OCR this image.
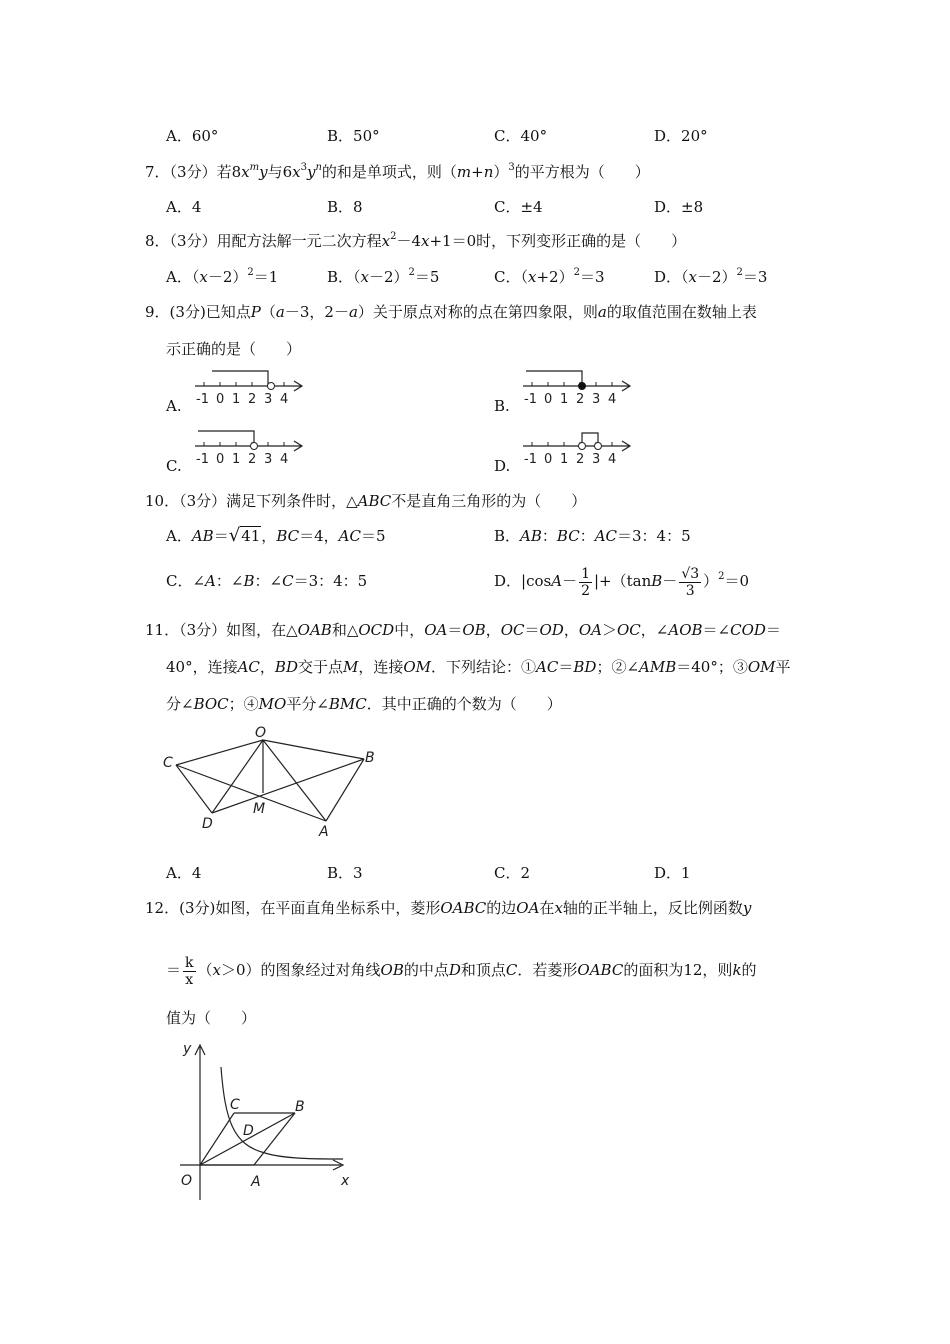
A．60°	B．50°	C．40°	D．20°
7．（3分）若$8x^my$与$6x^3y^n$的和是单项式，则$(m+n)^3$的平方根为（　　）
A．4	B．8	C．±4	D．±8
8．（3分）用配方法解一元二次方程$x^2-4x+1=0$时，下列变形正确的是（　　）
A．$(x-2)^2=1$	B．$(x-2)^2=5$	C．$(x+2)^2=3$	D．$(x-2)^2=3$
9．(3分)已知点P（a－3，2－a）关于原点对称的点在第四象限，则a的取值范围在数轴上表
示正确的是（　　）
A.	B.
C.	D.
-1 0 1 2 3 4	-1 0 1 2 3 4
-1 0 1 2 3 4	-1 0 1 2 3 4
10．（3分）满足下列条件时，△ABC不是直角三角形的为（　　）
A．AB＝√41，BC＝4，AC＝5	B．AB：BC：AC＝3：4：5
C．∠A：∠B：∠C＝3：4：5	D．$|\cos A- \frac{1}{2} |+(\tan B- \frac{√3}{3} )^2=0$
11．（3分）如图，在△OAB和△OCD中，OA＝OB，OC＝OD，OA＞OC，∠AOB＝∠COD＝
40°，连接AC，BD交于点M，连接OM．下列结论：①AC＝BD；②∠AMB＝40°；③OM平
分∠BOC；④MO平分∠BMC．其中正确的个数为（　　）
O
C	B
D
M
A
A．4	B．3	C．2	D．1
12．(3分)如图，在平面直角坐标系中，菱形OABC的边OA在x轴的正半轴上，反比例函数y
＝ $\frac{k}{x} (x>0)$的图象经过对角线OB的中点D和顶点C．若菱形OABC的面积为12，则k的
值为（　　）
y
x
O	A
B
C
D
